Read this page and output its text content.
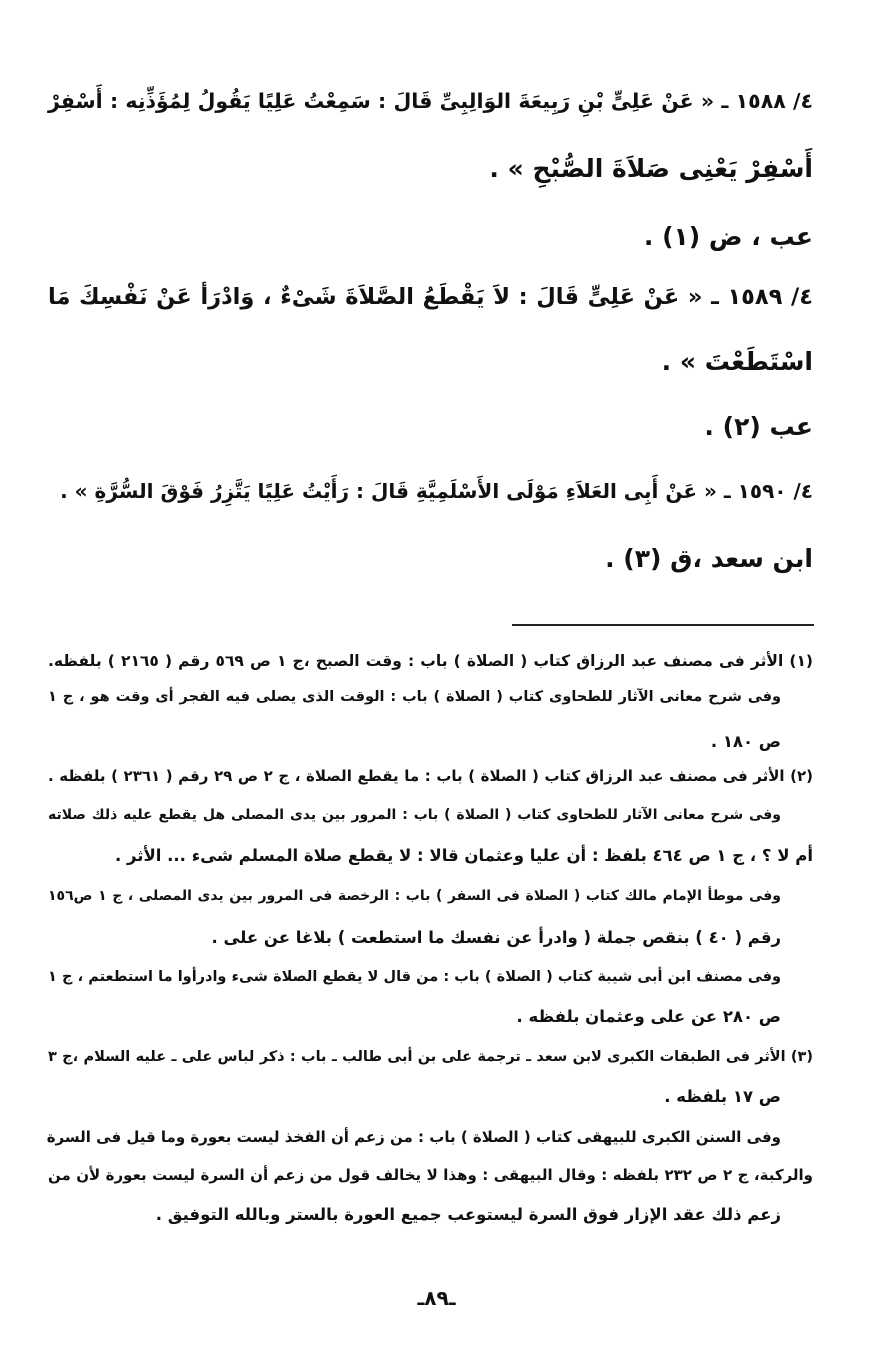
٤/ ١٥٨٨ ـ « عَنْ عَلِىٍّ بْنِ رَبِيعَةَ الوَالِبِىِّ قَالَ : سَمِعْتُ عَلِيًا يَقُولُ لِمُؤَذِّنِه : أَسْفِرْ
أَسْفِرْ يَعْنِى صَلاَةَ الصُّبْحِ » .
عب ، ض (١) .
٤/ ١٥٨٩ ـ « عَنْ عَلِىٍّ قَالَ : لاَ يَقْطَعُ الصَّلاَةَ شَىْءٌ ، وَادْرَأ عَنْ نَفْسِكَ مَا
اسْتَطَعْتَ » .
عب (٢) .
٤/ ١٥٩٠ ـ « عَنْ أَبِى العَلاَءِ مَوْلَى الأَسْلَمِيَّةِ قَالَ : رَأَيْتُ عَلِيًا يَتَّزِرُ فَوْقَ السُّرَّةِ » .
ابن سعد ،ق (٣) .
(١) الأثر فى مصنف عبد الرزاق كتاب ( الصلاة ) باب : وقت الصبح ،ج ١ ص ٥٦٩ رقم ( ٢١٦٥ ) بلفظه.
وفى شرح معانى الآثار للطحاوى كتاب ( الصلاة ) باب : الوقت الذى يصلى فيه الفجر أى وقت هو ، ج ١
ص ١٨٠ .
(٢) الأثر فى مصنف عبد الرزاق كتاب ( الصلاة ) باب : ما يقطع الصلاة ، ج ٢ ص ٢٩ رقم ( ٢٣٦١ ) بلفظه .
وفى شرح معانى الآثار للطحاوى كتاب ( الصلاة ) باب : المرور بين يدى المصلى هل يقطع عليه ذلك صلاته
أم لا ؟ ، ج ١ ص ٤٦٤ بلفظ : أن عليا وعثمان قالا : لا يقطع صلاة المسلم شىء ... الأثر .
وفى موطأ الإمام مالك كتاب ( الصلاة فى السفر ) باب : الرخصة فى المرور بين يدى المصلى ، ج ١ ص١٥٦
رقم ( ٤٠ ) بنقص جملة ( وادرأ عن نفسك ما استطعت ) بلاغا عن على .
وفى مصنف ابن أبى شيبة كتاب ( الصلاة ) باب : من قال لا يقطع الصلاة شىء وادرأوا ما استطعتم ، ج ١
ص ٢٨٠ عن على وعثمان بلفظه .
(٣) الأثر فى الطبقات الكبرى لابن سعد ـ ترجمة على بن أبى طالب ـ باب : ذكر لباس على ـ عليه السلام ،ج ٣
ص ١٧ بلفظه .
وفى السنن الكبرى للبيهقى كتاب ( الصلاة ) باب : من زعم أن الفخذ ليست بعورة وما قيل فى السرة
والركبة، ج ٢ ص ٢٣٢ بلفظه : وقال البيهقى : وهذا لا يخالف قول من زعم أن السرة ليست بعورة لأن من
زعم ذلك عقد الإزار فوق السرة ليستوعب جميع العورة بالستر وبالله التوفيق .
ـ٨٩ـ
